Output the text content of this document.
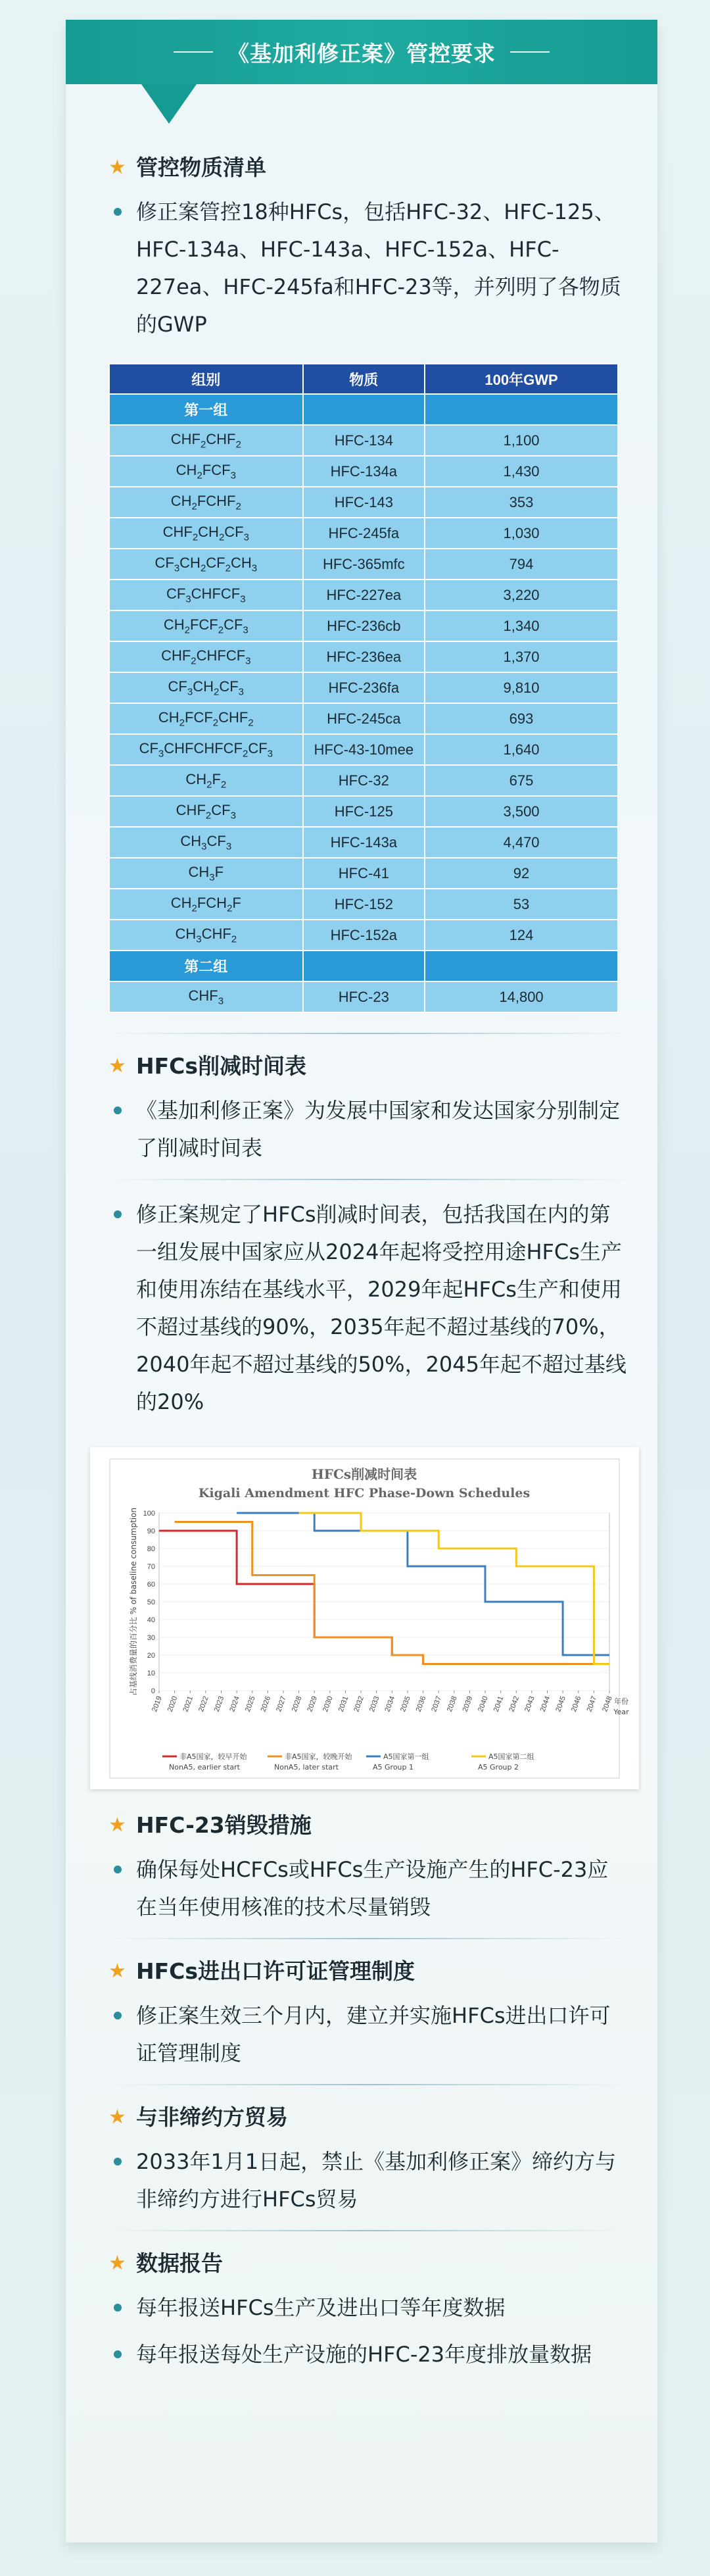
《基加利修正案》管控要求
★ 管控物质清单
修正案管控18种HFCs，包括HFC-32、HFC-125、HFC-134a、HFC-143a、HFC-152a、HFC-227ea、HFC-245fa和HFC-23等，并列明了各物质的GWP
组别	物质	100年GWP
第一组		
$CHF_2CHF_2$	HFC-134	1,100
$CH_2FCF_3$	HFC-134a	1,430
$CH_2FCHF_2$	HFC-143	353
$CHF_2CH_2CF_3$	HFC-245fa	1,030
$CF_3CH_2CF_2CH_3$	HFC-365mfc	794
$CF_3CHFCF_3$	HFC-227ea	3,220
$CH_2FCF_2CF_3$	HFC-236cb	1,340
$CHF_2CHFCF_3$	HFC-236ea	1,370
$CF_3CH_2CF_3$	HFC-236fa	9,810
$CH_2FCF_2CHF_2$	HFC-245ca	693
$CF_3CHFCHFCF_2CF_3$	HFC-43-10mee	1,640
$CH_2F_2$	HFC-32	675
$CHF_2CF_3$	HFC-125	3,500
$CH_3CF_3$	HFC-143a	4,470
$CH_3F$	HFC-41	92
$CH_2FCH_2F$	HFC-152	53
$CH_3CHF_2$	HFC-152a	124
第二组		
$CHF_3$	HFC-23	14,800
★ HFCs削减时间表
《基加利修正案》为发展中国家和发达国家分别制定了削减时间表
修正案规定了HFCs削减时间表，包括我国在内的第一组发展中国家应从2024年起将受控用途HFCs生产和使用冻结在基线水平，2029年起HFCs生产和使用不超过基线的90%，2035年起不超过基线的70%，2040年起不超过基线的50%，2045年起不超过基线的20%
HFCs削减时间表
Kigali Amendment HFC Phase-Down Schedules
0
10
20
30
40
50
60
70
80
90
100
占基线消费量的百分比 % of baseline consumption
2019 2020 2021 2022 2023 2024 2025 2026 2027 2028 2029 2030 2031 2032 2033 2034 2035 2036 2037 2038 2039 2040 2041 2042 2043 2044 2045 2046 2047 2048 年份
Year
非A5国家，较早开始
NonA5, earlier start
非A5国家，较晚开始
NonA5, later start
A5国家第一组
A5 Group 1
A5国家第二组
A5 Group 2
★ HFC-23销毁措施
确保每处HCFCs或HFCs生产设施产生的HFC-23应在当年使用核准的技术尽量销毁
★ HFCs进出口许可证管理制度
修正案生效三个月内，建立并实施HFCs进出口许可证管理制度
★ 与非缔约方贸易
2033年1月1日起，禁止《基加利修正案》缔约方与非缔约方进行HFCs贸易
★ 数据报告
每年报送HFCs生产及进出口等年度数据
每年报送每处生产设施的HFC-23年度排放量数据
